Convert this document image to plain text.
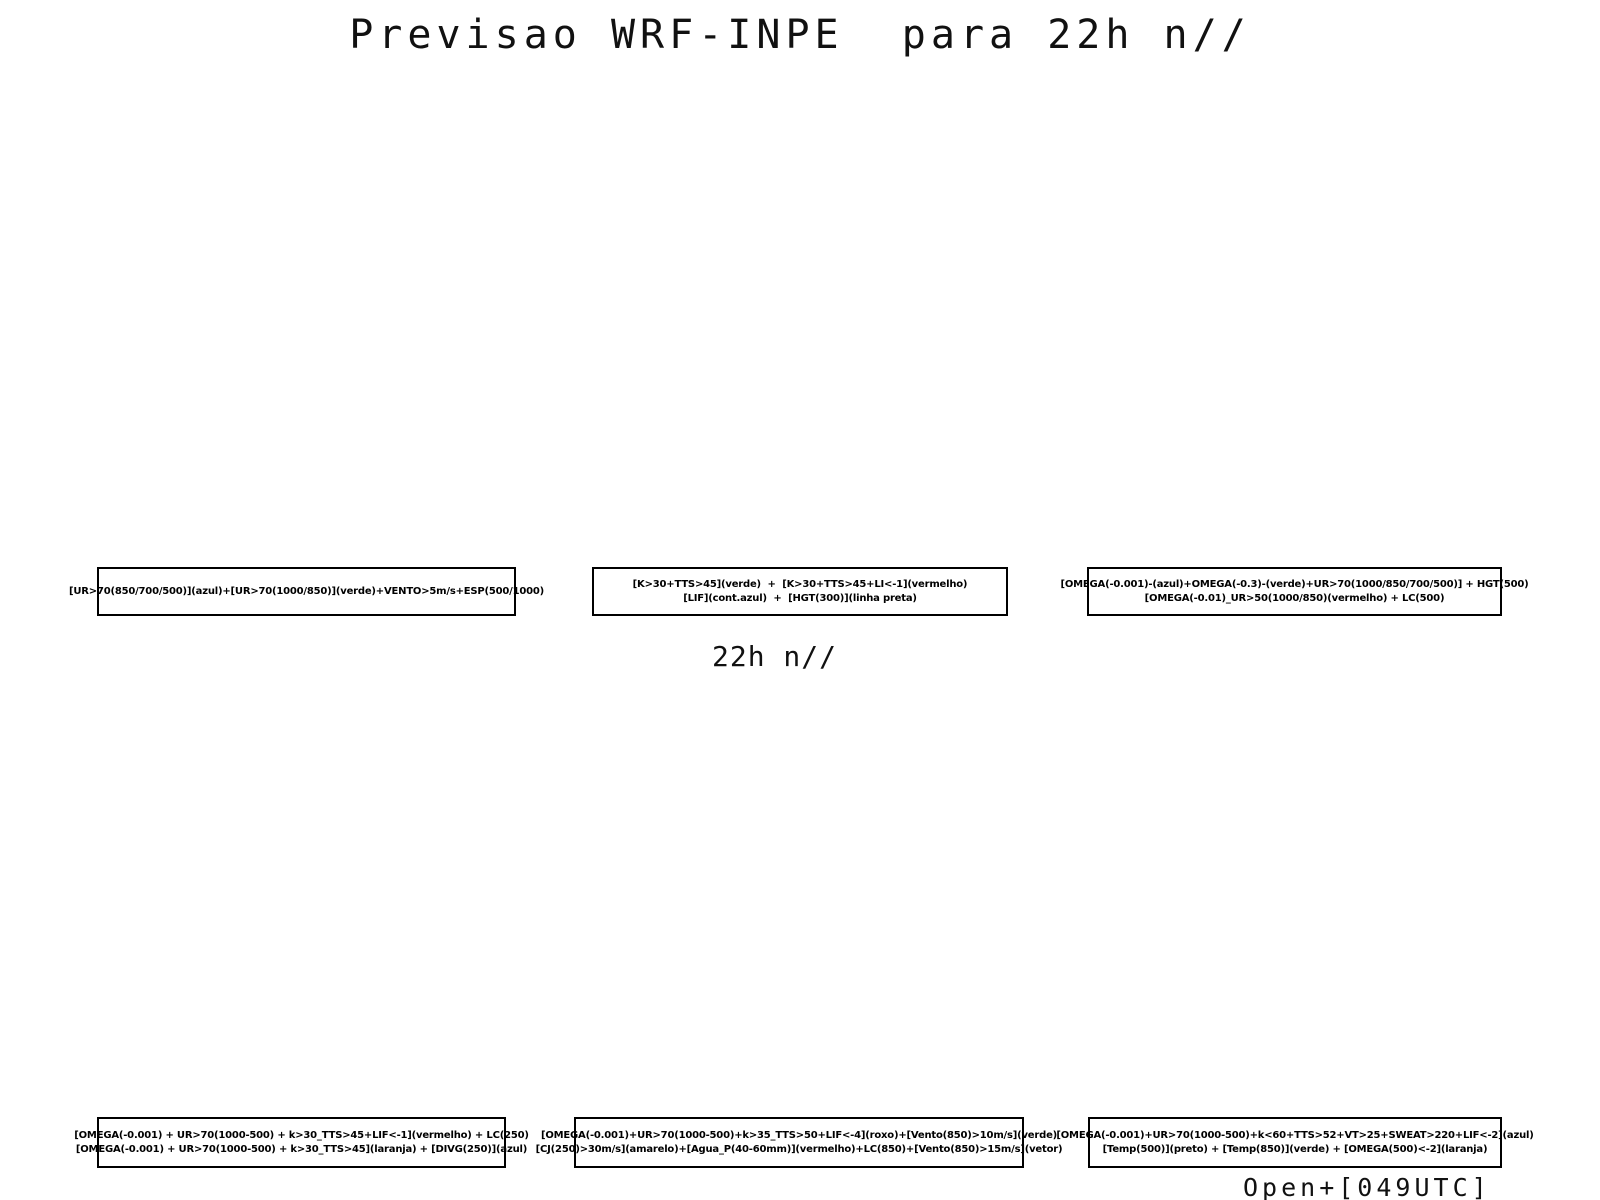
Previsao WRF-INPE  para 22h n//
[UR>70(850/700/500)](azul)+[UR>70(1000/850)](verde)+VENTO>5m/s+ESP(500/1000)
[K>30+TTS>45](verde)  +  [K>30+TTS>45+LI<-1](vermelho)
[LIF](cont.azul)  +  [HGT(300)](linha preta)
[OMEGA(-0.001)-(azul)+OMEGA(-0.3)-(verde)+UR>70(1000/850/700/500)] + HGT(500)
[OMEGA(-0.01)_UR>50(1000/850)(vermelho) + LC(500)
22h n//
[OMEGA(-0.001) + UR>70(1000-500) + k>30_TTS>45+LIF<-1](vermelho) + LC(250)
[OMEGA(-0.001) + UR>70(1000-500) + k>30_TTS>45](laranja) + [DIVG(250)](azul)
[OMEGA(-0.001)+UR>70(1000-500)+k>35_TTS>50+LIF<-4](roxo)+[Vento(850)>10m/s](verde)
[CJ(250)>30m/s](amarelo)+[Agua_P(40-60mm)](vermelho)+LC(850)+[Vento(850)>15m/s](vetor)
[OMEGA(-0.001)+UR>70(1000-500)+k<60+TTS>52+VT>25+SWEAT>220+LIF<-2](azul)
[Temp(500)](preto) + [Temp(850)](verde) + [OMEGA(500)<-2](laranja)
Open+[049UTC]
